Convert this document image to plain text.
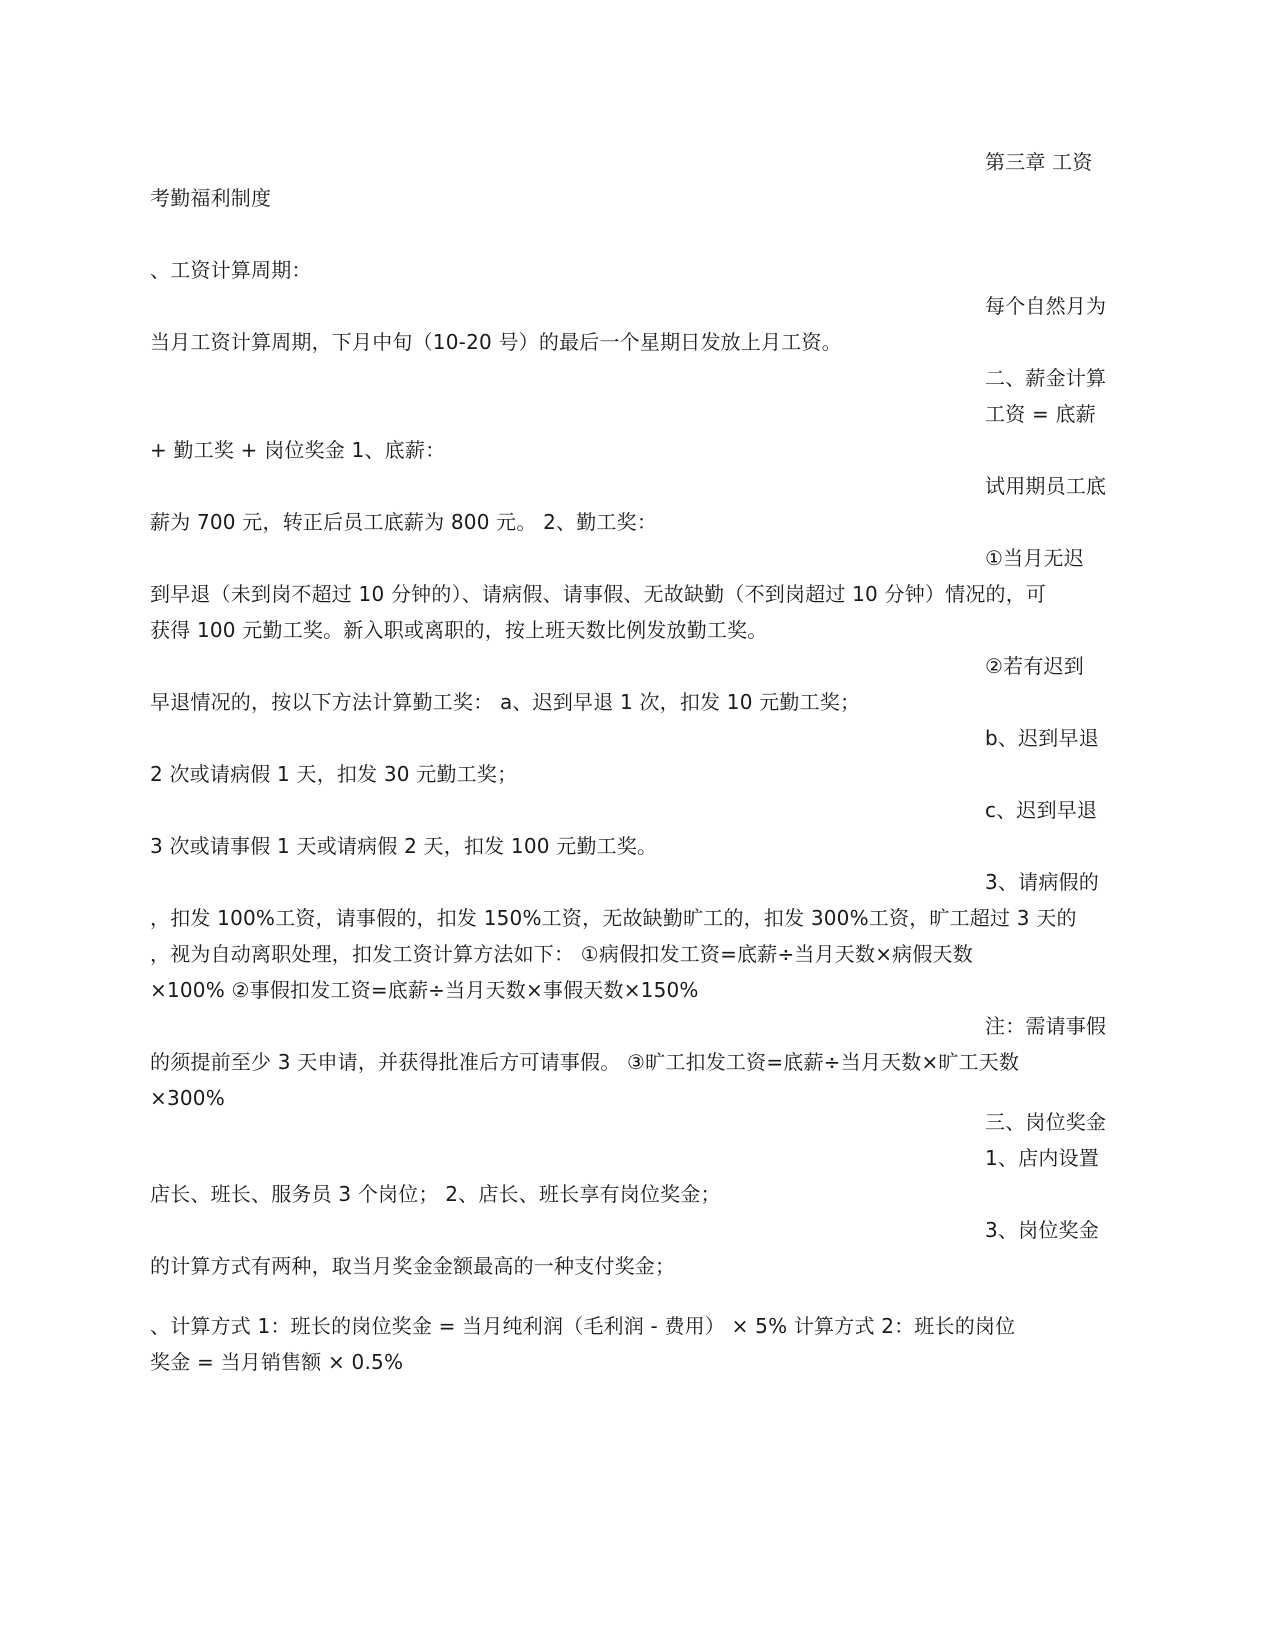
第三章 工资
考勤福利制度
、工资计算周期：
每个自然月为
当月工资计算周期，下月中旬（10-20 号）的最后一个星期日发放上月工资。
二、薪金计算
工资 = 底薪
+ 勤工奖 + 岗位奖金 1、底薪：
试用期员工底
薪为 700 元，转正后员工底薪为 800 元。 2、勤工奖：
①当月无迟
到早退（未到岗不超过 10 分钟的）、请病假、请事假、无故缺勤（不到岗超过 10 分钟）情况的，可
获得 100 元勤工奖。新入职或离职的，按上班天数比例发放勤工奖。
②若有迟到
早退情况的，按以下方法计算勤工奖： a、迟到早退 1 次，扣发 10 元勤工奖；
b、迟到早退
2 次或请病假 1 天，扣发 30 元勤工奖；
c、迟到早退
3 次或请事假 1 天或请病假 2 天，扣发 100 元勤工奖。
3、请病假的
，扣发 100%工资，请事假的，扣发 150%工资，无故缺勤旷工的，扣发 300%工资，旷工超过 3 天的
，视为自动离职处理，扣发工资计算方法如下： ①病假扣发工资=底薪÷当月天数×病假天数
×100% ②事假扣发工资=底薪÷当月天数×事假天数×150%
注：需请事假
的须提前至少 3 天申请，并获得批准后方可请事假。 ③旷工扣发工资=底薪÷当月天数×旷工天数
×300%
三、岗位奖金
1、店内设置
店长、班长、服务员 3 个岗位； 2、店长、班长享有岗位奖金；
3、岗位奖金
的计算方式有两种，取当月奖金金额最高的一种支付奖金；
、计算方式 1：班长的岗位奖金 = 当月纯利润（毛利润 - 费用） × 5% 计算方式 2：班长的岗位
奖金 = 当月销售额 × 0.5%
